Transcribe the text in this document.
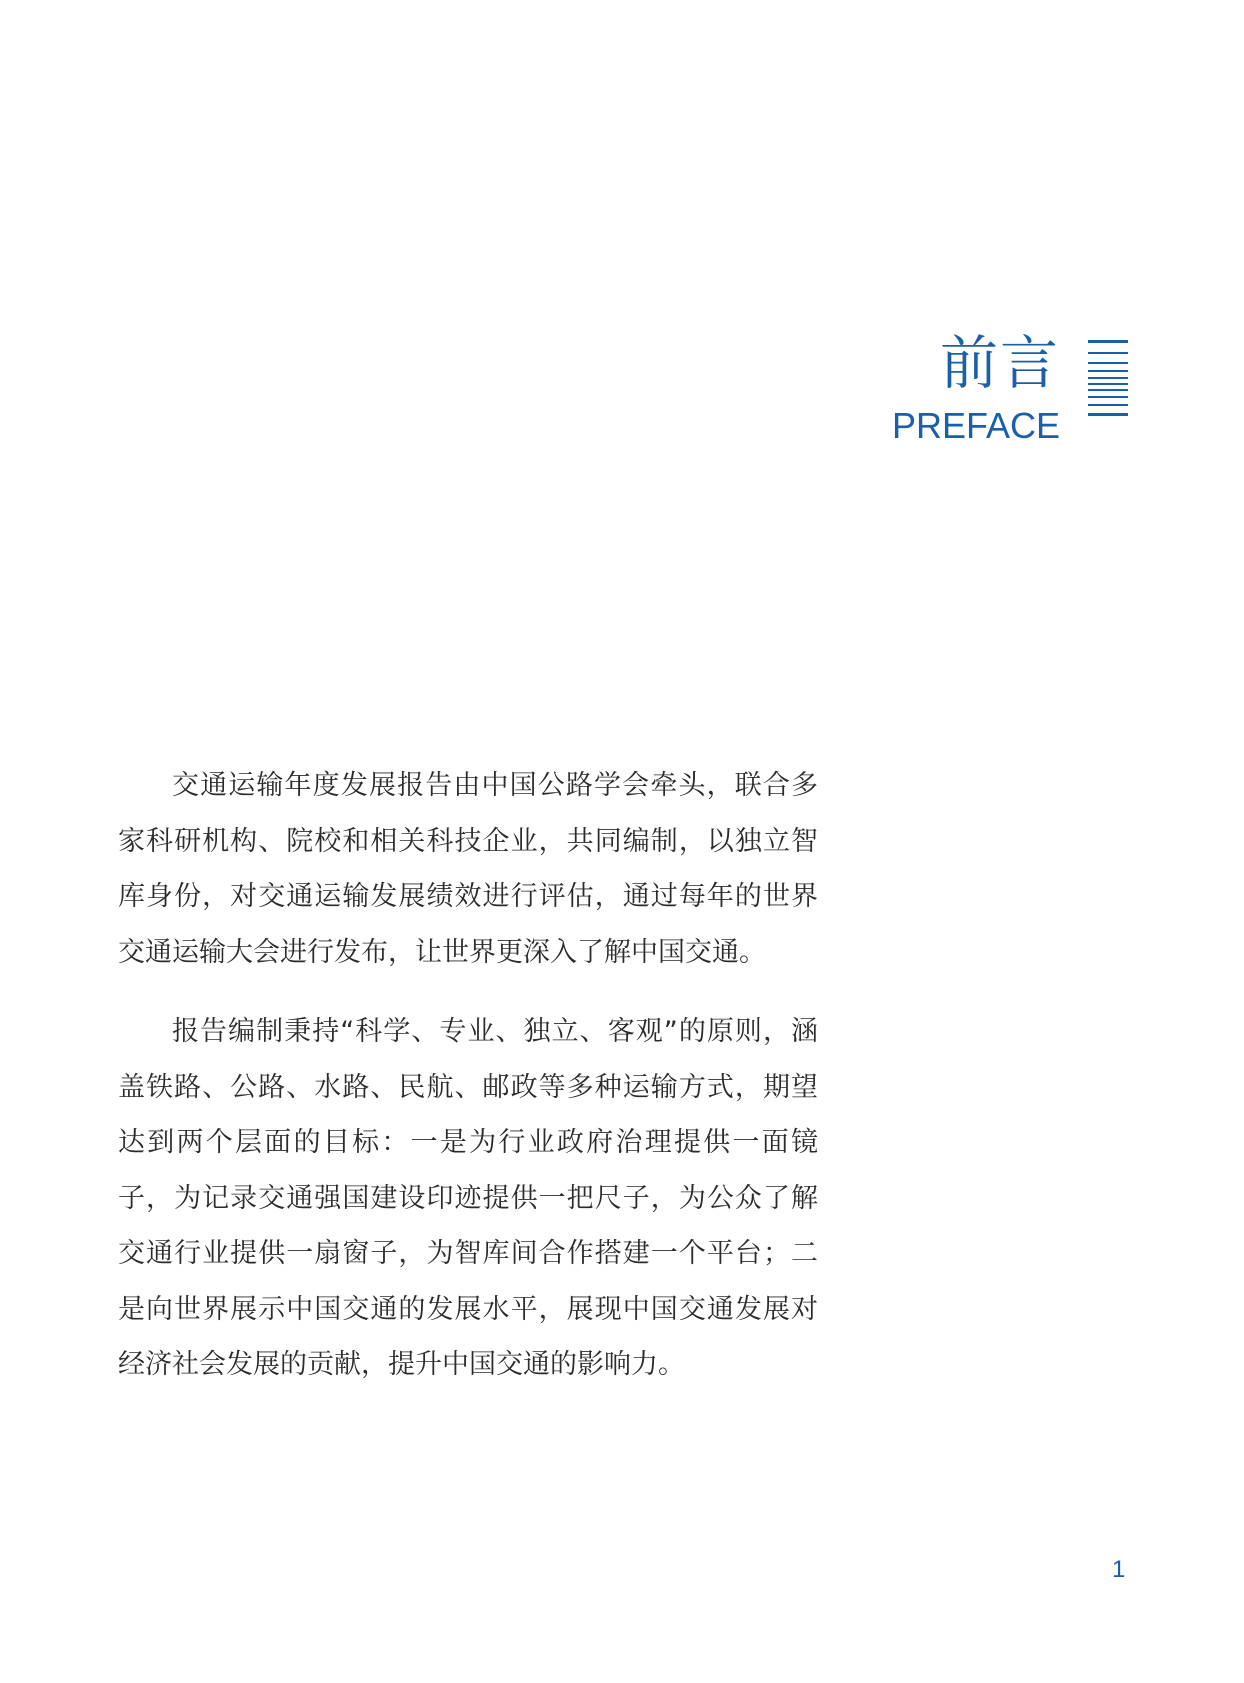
前言
PREFACE

交通运输年度发展报告由中国公路学会牵头，联合多家科研机构、院校和相关科技企业，共同编制，以独立智库身份，对交通运输发展绩效进行评估，通过每年的世界交通运输大会进行发布，让世界更深入了解中国交通。

报告编制秉持“科学、专业、独立、客观”的原则，涵盖铁路、公路、水路、民航、邮政等多种运输方式，期望达到两个层面的目标：一是为行业政府治理提供一面镜子，为记录交通强国建设印迹提供一把尺子，为公众了解交通行业提供一扇窗子，为智库间合作搭建一个平台；二是向世界展示中国交通的发展水平，展现中国交通发展对经济社会发展的贡献，提升中国交通的影响力。

1
